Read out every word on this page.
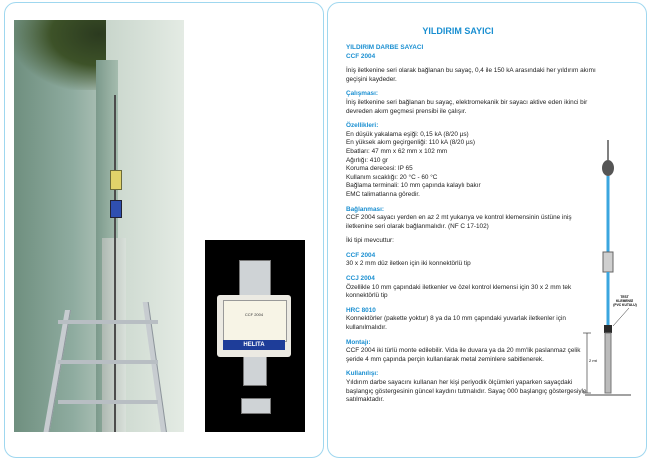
CCF 2004
HELITA
YILDIRIM SAYICI

YILDIRIM DARBE SAYACI
CCF 2004

İniş iletkenine seri olarak bağlanan bu sayaç, 0,4 ile 150 kA arasındaki her yıldırım akımı geçişini kaydeder.

Çalışması:
İniş iletkenine seri bağlanan bu sayaç, elektromekanik bir sayacı aktive eden ikinci bir devreden akım geçmesi prensibi ile çalışır.

Özellikleri:
En düşük yakalama eşiği: 0,15 kA (8/20 µs)
En yüksek akım geçirgenliği: 110 kA (8/20 µs)
Ebatları: 47 mm x 62 mm x 102 mm
Ağırlığı: 410 gr
Koruma derecesi: IP 65
Kullanım sıcaklığı: 20 °C - 60 °C
Bağlama terminali: 10 mm çapında kalaylı bakır
EMC talimatlarına göredir.

Bağlanması:
CCF 2004 sayacı yerden en az 2 mt yukarıya ve kontrol klemensinin üstüne iniş iletkenine seri olarak bağlanmalıdır. (NF C 17-102)

İki tipi mevcuttur:

CCF 2004
30 x 2 mm düz iletken için iki konnektörlü tip

CCJ 2004
Özellikle 10 mm çapındaki iletkenler ve özel kontrol klemensi için 30 x 2 mm tek konnektörlü tip

HRC 8010
Konnektörler (pakette yoktur) 8 ya da 10 mm çapındaki yuvarlak iletkenler için kullanılmalıdır.

Montajı:
CCF 2004 iki türlü monte edilebilir. Vida ile duvara ya da 20 mm'lik paslanmaz çelik şeride 4 mm çapında perçin kullanılarak metal zeminlere sabitlenerek.

Kullanılışı:
Yıldırım darbe sayacını kullanan her kişi periyodik ölçümleri yaparken sayaçdaki başlangıç göstergesinin güncel kaydını tutmalıdır. Sayaç 000 başlangıç göstergesiyle satılmaktadır.

2 mt
TEST KLEMENSİ (PVC KUTULU)
